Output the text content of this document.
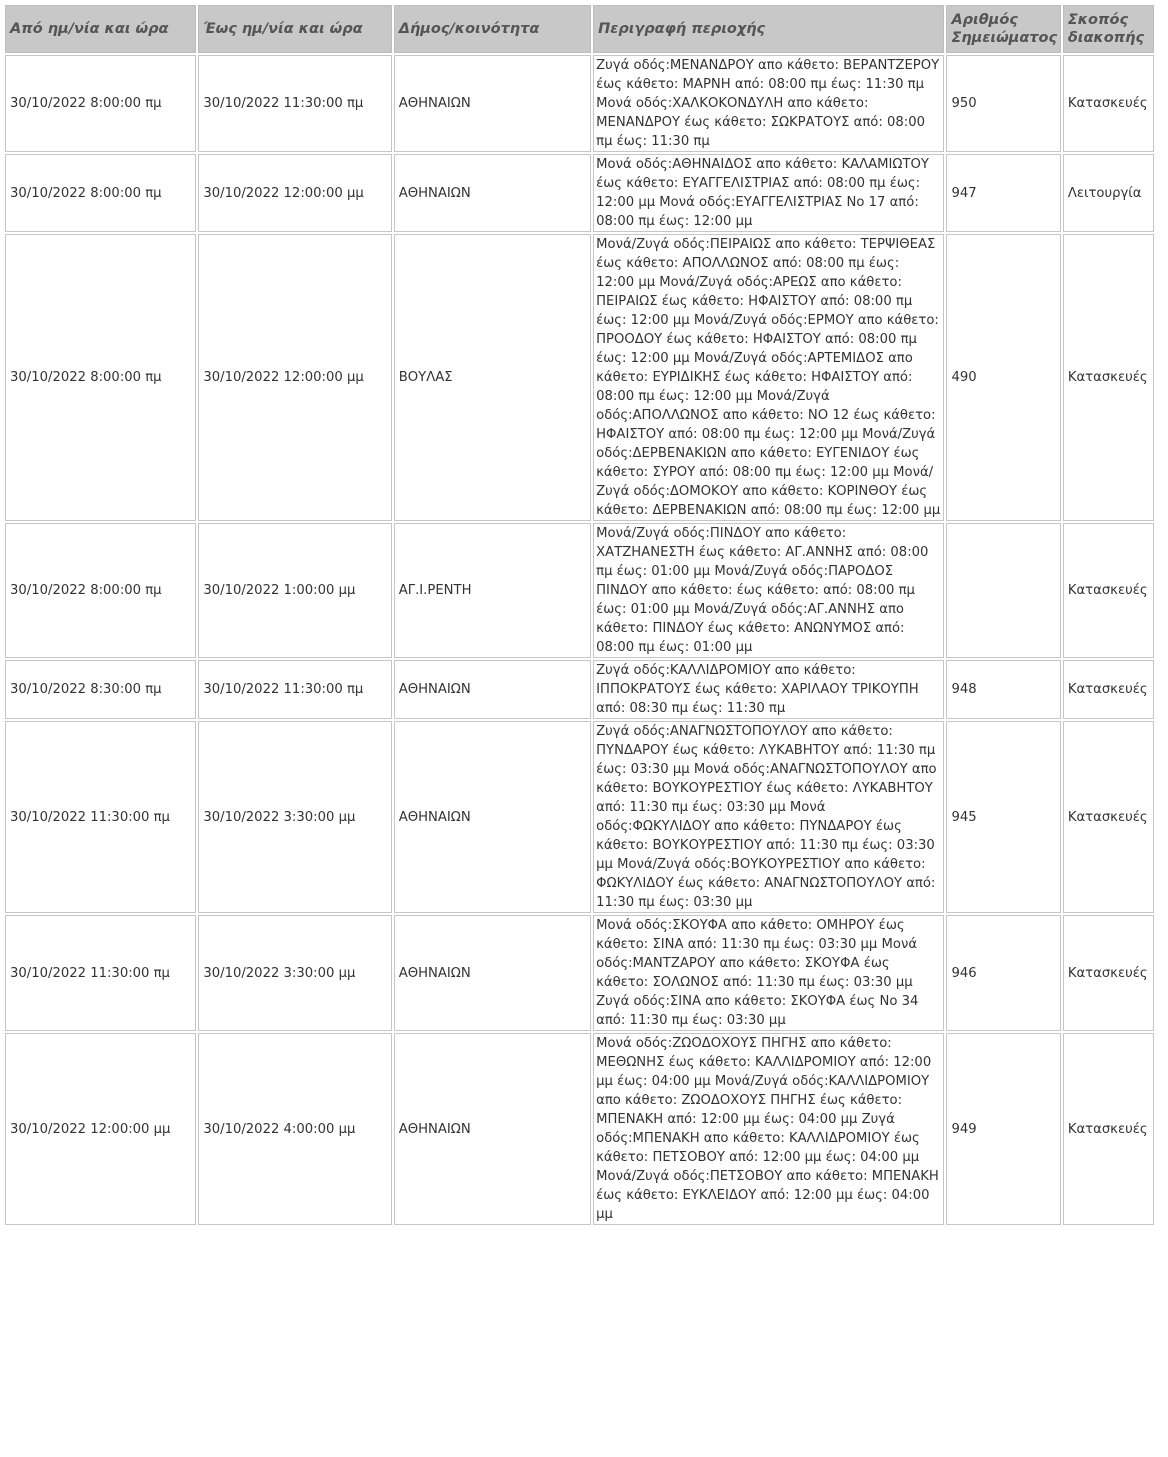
Από ημ/νία και ώρα	Έως ημ/νία και ώρα	Δήμος/κοινότητα	Περιγραφή περιοχής	Αριθμός Σημειώματος	Σκοπός διακοπής
30/10/2022 8:00:00 πμ	30/10/2022 11:30:00 πμ	ΑΘΗΝΑΙΩΝ	Ζυγά οδός:ΜΕΝΑΝΔΡΟΥ απο κάθετο: ΒΕΡΑΝΤΖΕΡΟΥ έως κάθετο: ΜΑΡΝΗ από: 08:00 πμ έως: 11:30 πμ Μονά οδός:ΧΑΛΚΟΚΟΝΔΥΛΗ απο κάθετο: ΜΕΝΑΝΔΡΟΥ έως κάθετο: ΣΩΚΡΑΤΟΥΣ από: 08:00 πμ έως: 11:30 πμ	950	Κατασκευές
30/10/2022 8:00:00 πμ	30/10/2022 12:00:00 μμ	ΑΘΗΝΑΙΩΝ	Μονά οδός:ΑΘΗΝΑΙΔΟΣ απο κάθετο: ΚΑΛΑΜΙΩΤΟΥ έως κάθετο: ΕΥΑΓΓΕΛΙΣΤΡΙΑΣ από: 08:00 πμ έως: 12:00 μμ Μονά οδός:ΕΥΑΓΓΕΛΙΣΤΡΙΑΣ Νο 17 από: 08:00 πμ έως: 12:00 μμ	947	Λειτουργία
30/10/2022 8:00:00 πμ	30/10/2022 12:00:00 μμ	ΒΟΥΛΑΣ	Μονά/Ζυγά οδός:ΠΕΙΡΑΙΩΣ απο κάθετο: ΤΕΡΨΙΘΕΑΣ έως κάθετο: ΑΠΟΛΛΩΝΟΣ από: 08:00 πμ έως: 12:00 μμ Μονά/Ζυγά οδός:ΑΡΕΩΣ απο κάθετο: ΠΕΙΡΑΙΩΣ έως κάθετο: ΗΦΑΙΣΤΟΥ από: 08:00 πμ έως: 12:00 μμ Μονά/Ζυγά οδός:ΕΡΜΟΥ απο κάθετο: ΠΡΟΟΔΟΥ έως κάθετο: ΗΦΑΙΣΤΟΥ από: 08:00 πμ έως: 12:00 μμ Μονά/Ζυγά οδός:ΑΡΤΕΜΙΔΟΣ απο κάθετο: ΕΥΡΙΔΙΚΗΣ έως κάθετο: ΗΦΑΙΣΤΟΥ από: 08:00 πμ έως: 12:00 μμ Μονά/Ζυγά οδός:ΑΠΟΛΛΩΝΟΣ απο κάθετο: ΝΟ 12 έως κάθετο: ΗΦΑΙΣΤΟΥ από: 08:00 πμ έως: 12:00 μμ Μονά/Ζυγά οδός:ΔΕΡΒΕΝΑΚΙΩΝ απο κάθετο: ΕΥΓΕΝΙΔΟΥ έως κάθετο: ΣΥΡΟΥ από: 08:00 πμ έως: 12:00 μμ Μονά/Ζυγά οδός:ΔΟΜΟΚΟΥ απο κάθετο: ΚΟΡΙΝΘΟΥ έως κάθετο: ΔΕΡΒΕΝΑΚΙΩΝ από: 08:00 πμ έως: 12:00 μμ	490	Κατασκευές
30/10/2022 8:00:00 πμ	30/10/2022 1:00:00 μμ	ΑΓ.Ι.ΡΕΝΤΗ	Μονά/Ζυγά οδός:ΠΙΝΔΟΥ απο κάθετο: ΧΑΤΖΗΑΝΕΣΤΗ έως κάθετο: ΑΓ.ΑΝΝΗΣ από: 08:00 πμ έως: 01:00 μμ Μονά/Ζυγά οδός:ΠΑΡΟΔΟΣ ΠΙΝΔΟΥ απο κάθετο: έως κάθετο: από: 08:00 πμ έως: 01:00 μμ Μονά/Ζυγά οδός:ΑΓ.ΑΝΝΗΣ απο κάθετο: ΠΙΝΔΟΥ έως κάθετο: ΑΝΩΝΥΜΟΣ από: 08:00 πμ έως: 01:00 μμ		Κατασκευές
30/10/2022 8:30:00 πμ	30/10/2022 11:30:00 πμ	ΑΘΗΝΑΙΩΝ	Ζυγά οδός:ΚΑΛΛΙΔΡΟΜΙΟΥ απο κάθετο: ΙΠΠΟΚΡΑΤΟΥΣ έως κάθετο: ΧΑΡΙΛΑΟΥ ΤΡΙΚΟΥΠΗ από: 08:30 πμ έως: 11:30 πμ	948	Κατασκευές
30/10/2022 11:30:00 πμ	30/10/2022 3:30:00 μμ	ΑΘΗΝΑΙΩΝ	Ζυγά οδός:ΑΝΑΓΝΩΣΤΟΠΟΥΛΟΥ απο κάθετο: ΠΥΝΔΑΡΟΥ έως κάθετο: ΛΥΚΑΒΗΤΟΥ από: 11:30 πμ έως: 03:30 μμ Μονά οδός:ΑΝΑΓΝΩΣΤΟΠΟΥΛΟΥ απο κάθετο: ΒΟΥΚΟΥΡΕΣΤΙΟΥ έως κάθετο: ΛΥΚΑΒΗΤΟΥ από: 11:30 πμ έως: 03:30 μμ Μονά οδός:ΦΩΚΥΛΙΔΟΥ απο κάθετο: ΠΥΝΔΑΡΟΥ έως κάθετο: ΒΟΥΚΟΥΡΕΣΤΙΟΥ από: 11:30 πμ έως: 03:30 μμ Μονά/Ζυγά οδός:ΒΟΥΚΟΥΡΕΣΤΙΟΥ απο κάθετο: ΦΩΚΥΛΙΔΟΥ έως κάθετο: ΑΝΑΓΝΩΣΤΟΠΟΥΛΟΥ από: 11:30 πμ έως: 03:30 μμ	945	Κατασκευές
30/10/2022 11:30:00 πμ	30/10/2022 3:30:00 μμ	ΑΘΗΝΑΙΩΝ	Μονά οδός:ΣΚΟΥΦΑ απο κάθετο: ΟΜΗΡΟΥ έως κάθετο: ΣΙΝΑ από: 11:30 πμ έως: 03:30 μμ Μονά οδός:ΜΑΝΤΖΑΡΟΥ απο κάθετο: ΣΚΟΥΦΑ έως κάθετο: ΣΟΛΩΝΟΣ από: 11:30 πμ έως: 03:30 μμ Ζυγά οδός:ΣΙΝΑ απο κάθετο: ΣΚΟΥΦΑ έως Νο 34 από: 11:30 πμ έως: 03:30 μμ	946	Κατασκευές
30/10/2022 12:00:00 μμ	30/10/2022 4:00:00 μμ	ΑΘΗΝΑΙΩΝ	Μονά οδός:ΖΩΟΔΟΧΟΥΣ ΠΗΓΗΣ απο κάθετο: ΜΕΘΩΝΗΣ έως κάθετο: ΚΑΛΛΙΔΡΟΜΙΟΥ από: 12:00 μμ έως: 04:00 μμ Μονά/Ζυγά οδός:ΚΑΛΛΙΔΡΟΜΙΟΥ απο κάθετο: ΖΩΟΔΟΧΟΥΣ ΠΗΓΗΣ έως κάθετο: ΜΠΕΝΑΚΗ από: 12:00 μμ έως: 04:00 μμ Ζυγά οδός:ΜΠΕΝΑΚΗ απο κάθετο: ΚΑΛΛΙΔΡΟΜΙΟΥ έως κάθετο: ΠΕΤΣΟΒΟΥ από: 12:00 μμ έως: 04:00 μμ Μονά/Ζυγά οδός:ΠΕΤΣΟΒΟΥ απο κάθετο: ΜΠΕΝΑΚΗ έως κάθετο: ΕΥΚΛΕΙΔΟΥ από: 12:00 μμ έως: 04:00 μμ	949	Κατασκευές
